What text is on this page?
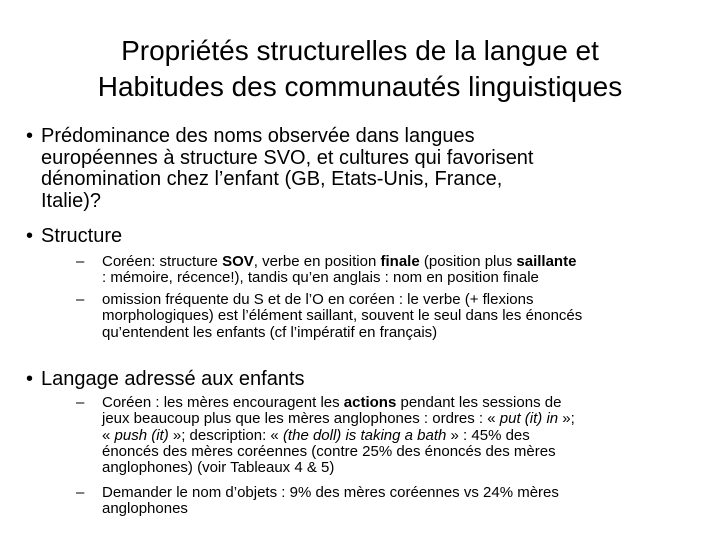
Propriétés structurelles de la langue et
Habitudes des communautés linguistiques
• Prédominance des noms observée dans langues
européennes à structure SVO, et cultures qui favorisent
dénomination chez l’enfant (GB, Etats-Unis, France,
Italie)?
• Structure
– Coréen: structure SOV, verbe en position finale (position plus saillante
: mémoire, récence!), tandis qu’en anglais : nom en position finale
– omission fréquente du S et de l’O en coréen : le verbe (+ flexions
morphologiques) est l’élément saillant, souvent le seul dans les énoncés
qu’entendent les enfants (cf l’impératif en français)
• Langage adressé aux enfants
– Coréen : les mères encouragent les actions pendant les sessions de
jeux beaucoup plus que les mères anglophones : ordres : « put (it) in »;
« push (it) »; description: « (the doll) is taking a bath » : 45% des
énoncés des mères coréennes (contre 25% des énoncés des mères
anglophones) (voir Tableaux 4 & 5)
– Demander le nom d’objets : 9% des mères coréennes vs 24% mères
anglophones
